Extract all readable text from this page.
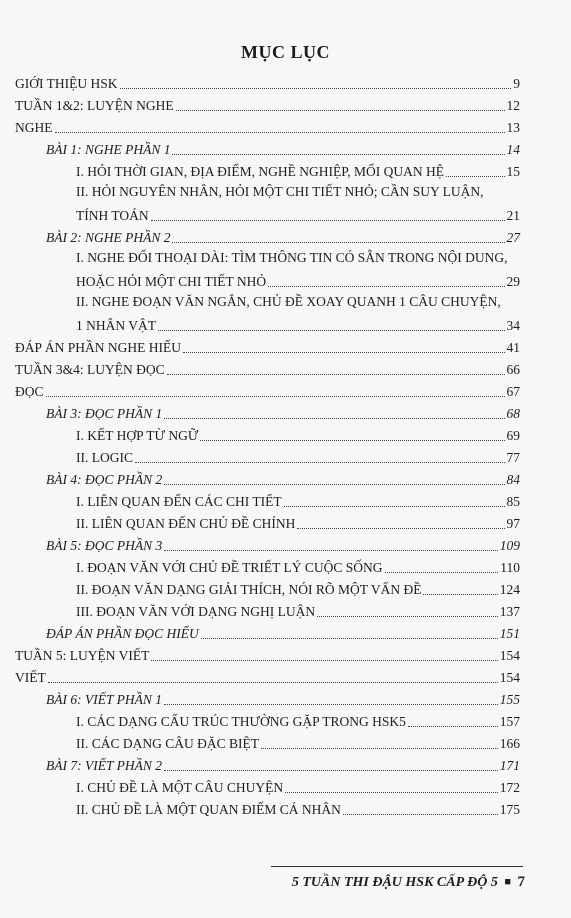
MỤC LỤC
GIỚI THIỆU HSK	9
TUẦN 1&2: LUYỆN NGHE	12
NGHE	13
BÀI 1: NGHE PHẦN 1	14
I. HỎI THỜI GIAN, ĐỊA ĐIỂM, NGHỀ NGHIỆP, MỐI QUAN HỆ	15
II. HỎI NGUYÊN NHÂN, HỎI MỘT CHI TIẾT NHỎ; CẦN SUY LUẬN,
TÍNH TOÁN	21
BÀI 2: NGHE PHẦN 2	27
I. NGHE ĐỐI THOẠI DÀI: TÌM THÔNG TIN CÓ SẴN TRONG NỘI DUNG,
HOẶC HỎI MỘT CHI TIẾT NHỎ	29
II. NGHE ĐOẠN VĂN NGẮN, CHỦ ĐỀ XOAY QUANH 1 CÂU CHUYỆN,
1 NHÂN VẬT	34
ĐÁP ÁN PHẦN NGHE HIỂU	41
TUẦN 3&4: LUYỆN ĐỌC	66
ĐỌC	67
BÀI 3: ĐỌC PHẦN 1	68
I. KẾT HỢP TỪ NGỮ	69
II. LOGIC	77
BÀI 4: ĐỌC PHẦN 2	84
I. LIÊN QUAN ĐẾN CÁC CHI TIẾT	85
II. LIÊN QUAN ĐẾN CHỦ ĐỀ CHÍNH	97
BÀI 5: ĐỌC PHẦN 3	109
I. ĐOẠN VĂN VỚI CHỦ ĐỀ TRIẾT LÝ CUỘC SỐNG	110
II. ĐOẠN VĂN DẠNG GIẢI THÍCH, NÓI RÕ MỘT VẤN ĐỀ	124
III. ĐOẠN VĂN VỚI DẠNG NGHỊ LUẬN	137
ĐÁP ÁN PHẦN ĐỌC HIỂU	151
TUẦN 5: LUYỆN VIẾT	154
VIẾT	154
BÀI 6: VIẾT PHẦN 1	155
I. CÁC DẠNG CẤU TRÚC THƯỜNG GẶP TRONG HSK5	157
II. CÁC DẠNG CÂU ĐẶC BIỆT	166
BÀI 7: VIẾT PHẦN 2	171
I. CHỦ ĐỀ LÀ MỘT CÂU CHUYỆN	172
II. CHỦ ĐỀ LÀ MỘT QUAN ĐIỂM CÁ NHÂN	175
5 TUẦN THI ĐẬU HSK CẤP ĐỘ 5 ■ 7
